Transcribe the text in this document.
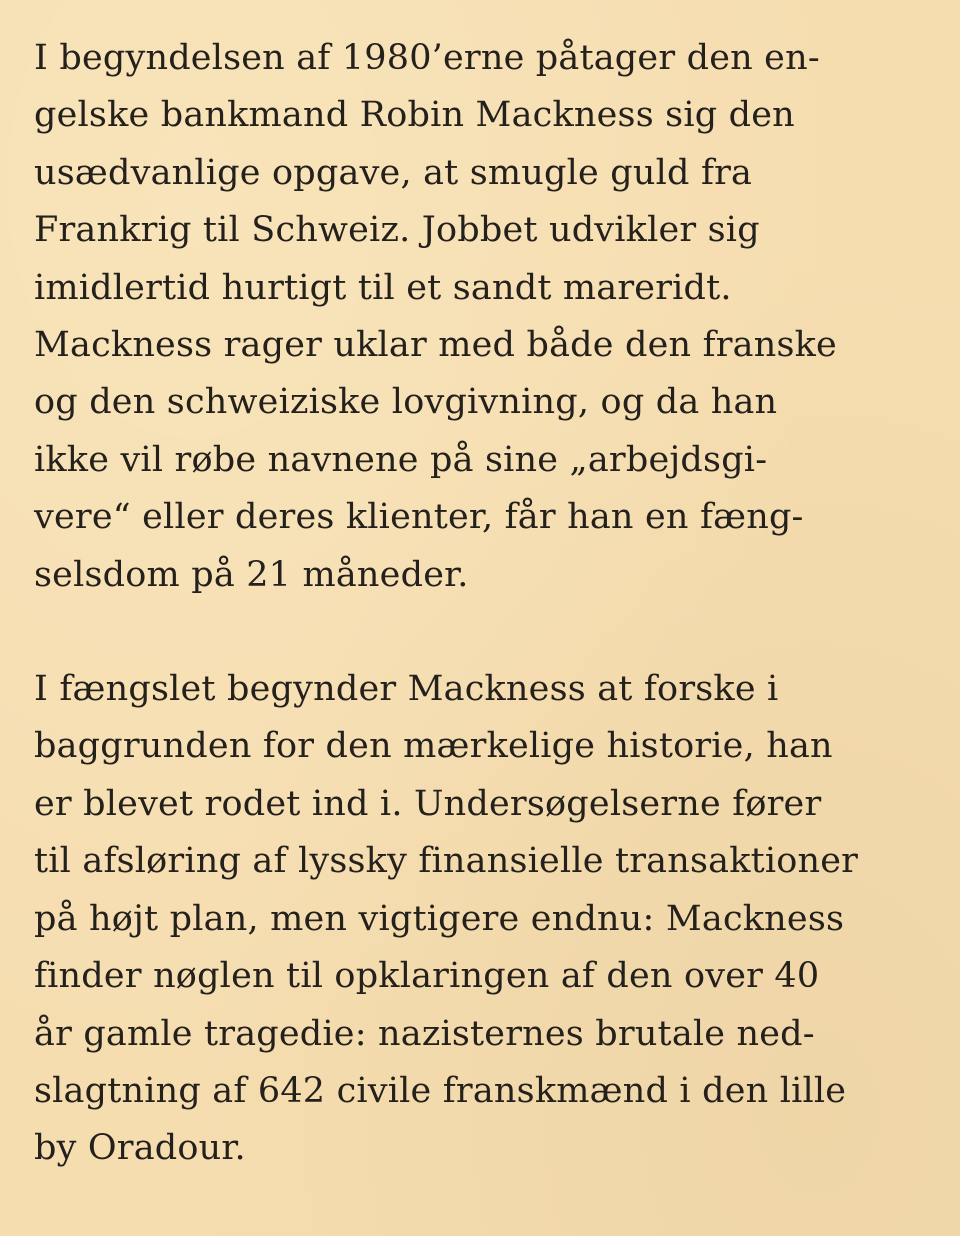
I begyndelsen af 1980’erne påtager den en-
gelske bankmand Robin Mackness sig den
usædvanlige opgave, at smugle guld fra
Frankrig til Schweiz. Jobbet udvikler sig
imidlertid hurtigt til et sandt mareridt.
Mackness rager uklar med både den franske
og den schweiziske lovgivning, og da han
ikke vil røbe navnene på sine „arbejdsgi-
vere“ eller deres klienter, får han en fæng-
selsdom på 21 måneder.
I fængslet begynder Mackness at forske i
baggrunden for den mærkelige historie, han
er blevet rodet ind i. Undersøgelserne fører
til afsløring af lyssky finansielle transaktioner
på højt plan, men vigtigere endnu: Mackness
finder nøglen til opklaringen af den over 40
år gamle tragedie: nazisternes brutale ned-
slagtning af 642 civile franskmænd i den lille
by Oradour.
